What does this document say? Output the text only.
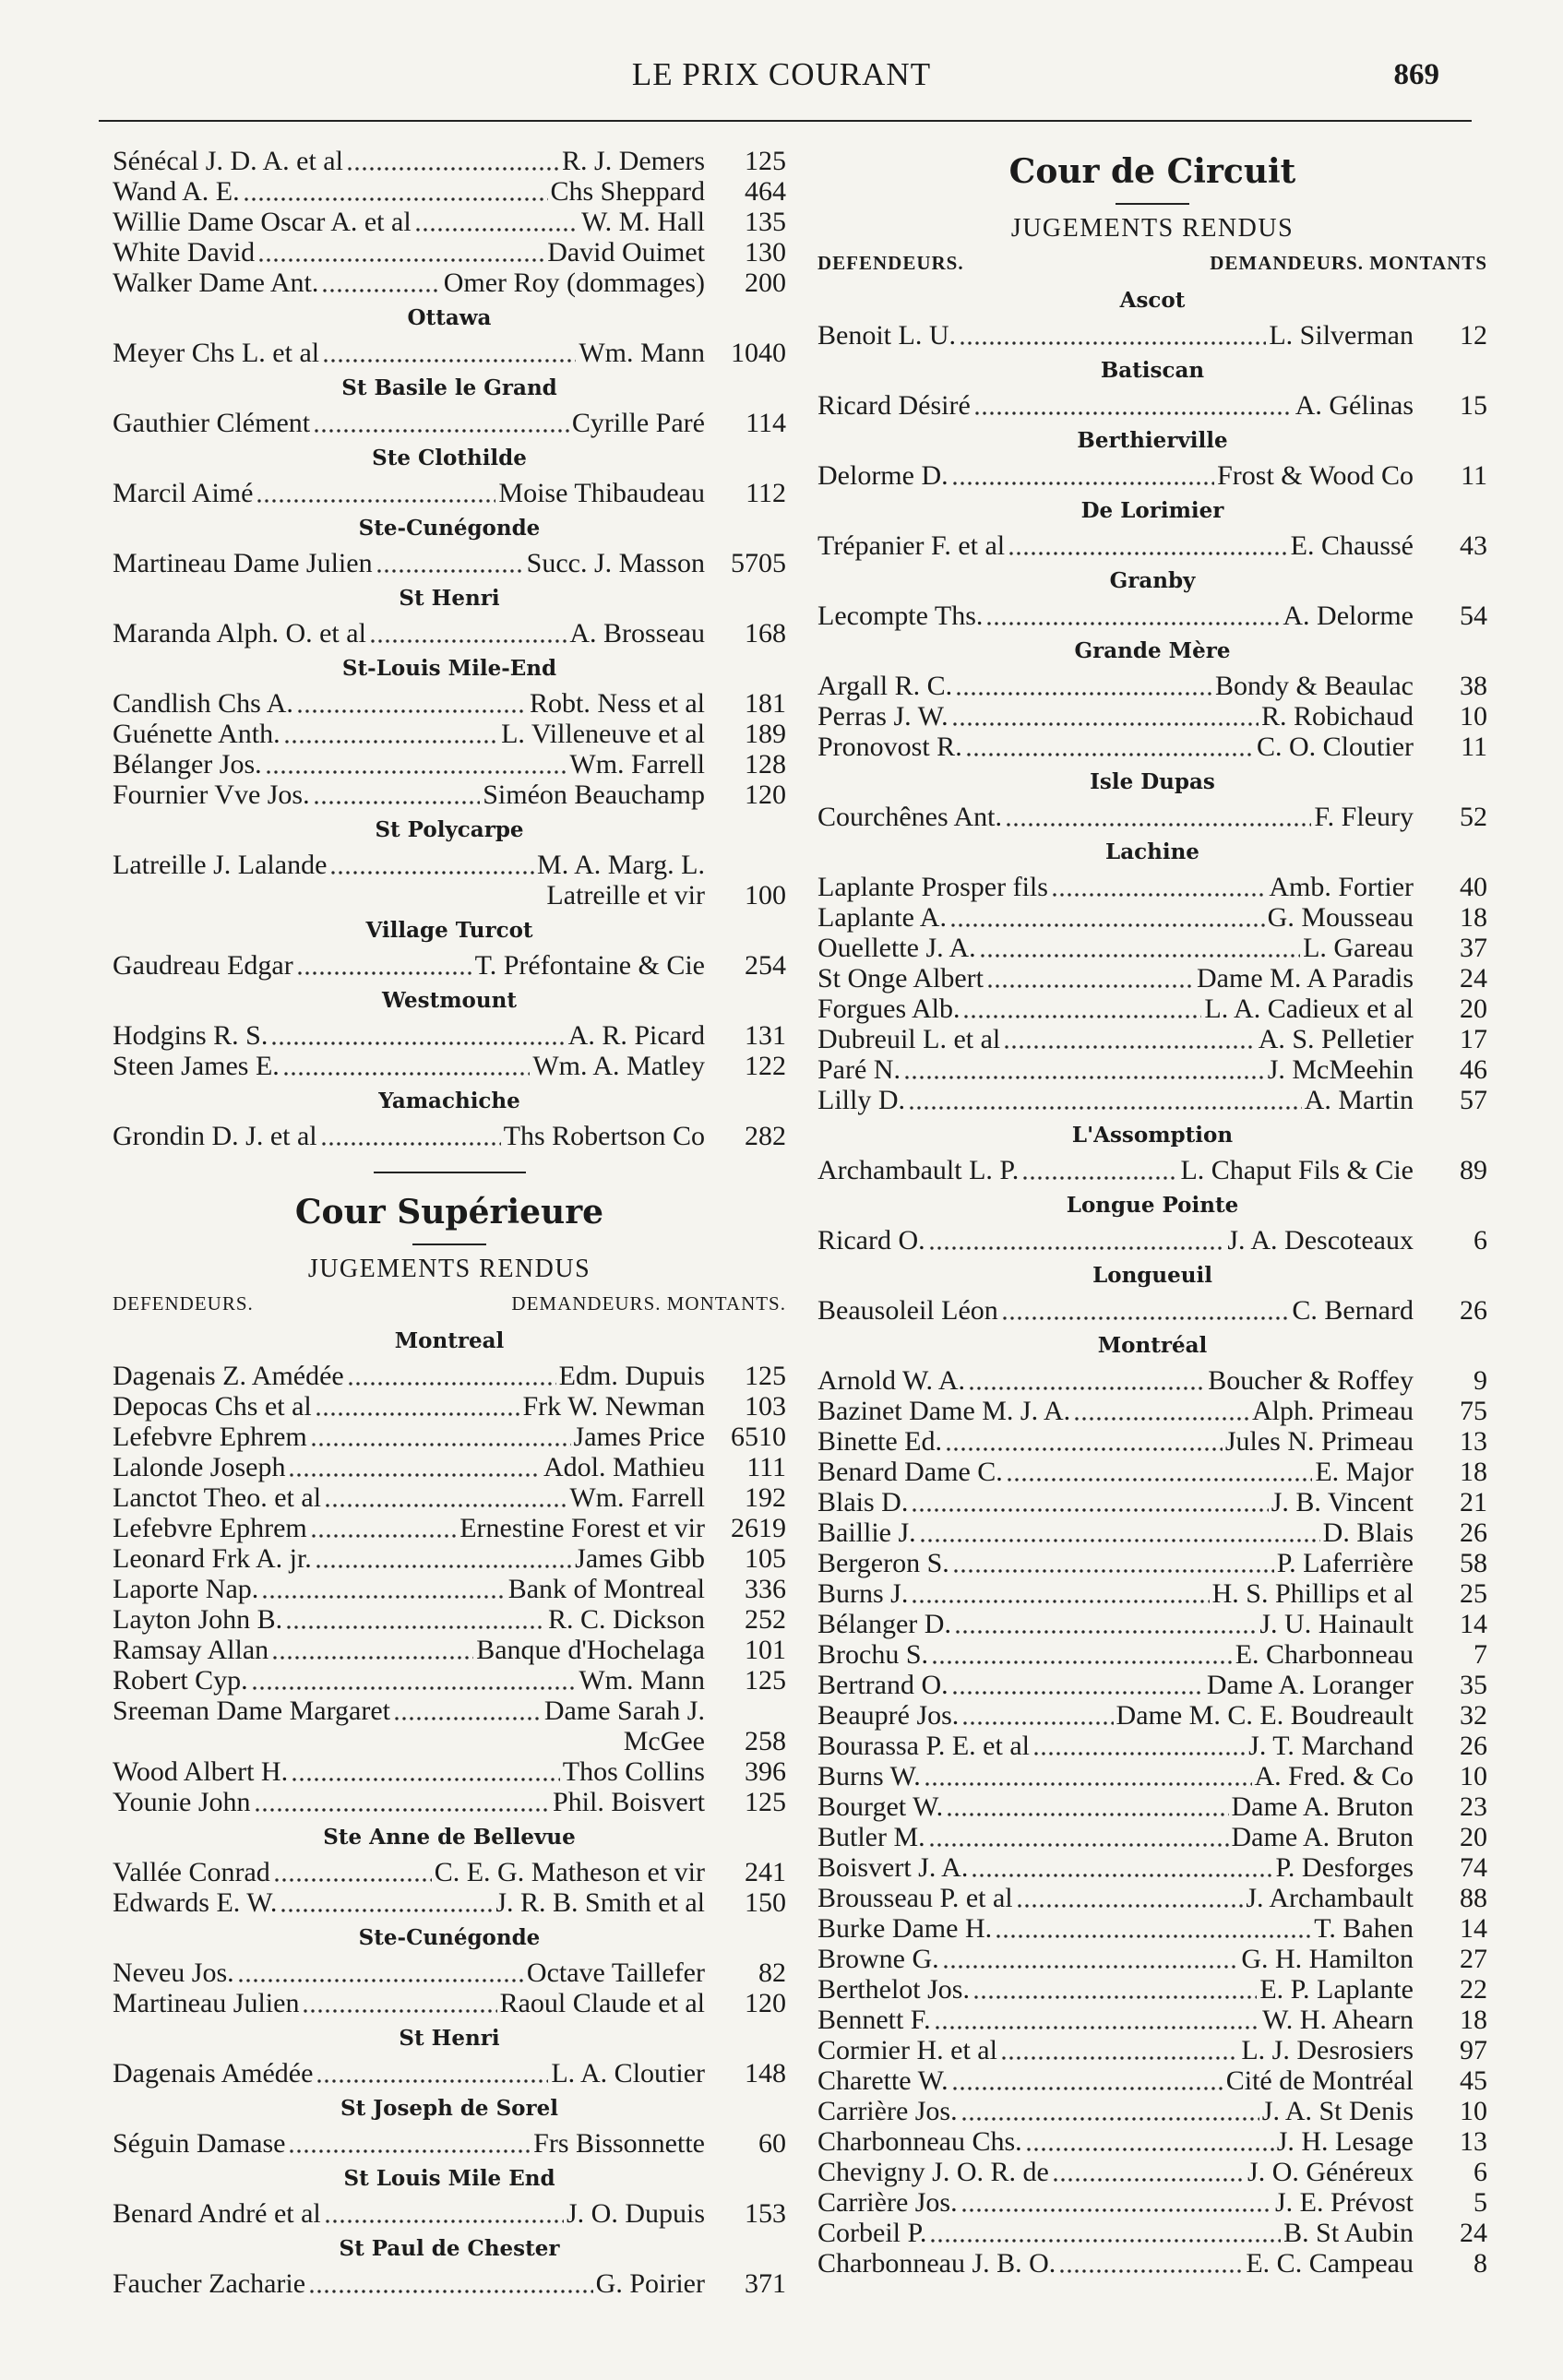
LE PRIX COURANT	869
Sénécal J. D. A. et al	R. J. Demers	125
Wand A. E.	Chs Sheppard	464
Willie Dame Oscar A. et al	W. M. Hall	135
White David	David Ouimet	130
Walker Dame Ant.	Omer Roy (dommages)	200
Ottawa
Meyer Chs L. et al	Wm. Mann 1040
St Basile le Grand
Gauthier Clément	Cyrille Paré	114
Ste Clothilde
Marcil Aimé	Moise Thibaudeau	112
Ste-Cunégonde
Martineau Dame Julien	Succ. J. Masson 5705
St Henri
Maranda Alph. O. et al	A. Brosseau	168
St-Louis Mile-End
Candlish Chs A.	Robt. Ness et al	181
Guénette Anth.	L. Villeneuve et al	189
Bélanger Jos.	Wm. Farrell	128
Fournier Vve Jos.	Siméon Beauchamp	120
St Polycarpe
Latreille J. Lalande	M. A. Marg. L.
Latreille et vir	100
Village Turcot
Gaudreau Edgar	T. Préfontaine & Cie	254
Westmount
Hodgins R. S.	A. R. Picard	131
Steen James E.	Wm. A. Matley	122
Yamachiche
Grondin D. J. et al	Ths Robertson Co	282
Cour Supérieure
JUGEMENTS RENDUS
DEFENDEURS.	DEMANDEURS. MONTANTS.
Montreal
Dagenais Z. Amédée	Edm. Dupuis	125
Depocas Chs et al	Frk W. Newman	103
Lefebvre Ephrem	James Price 6510
Lalonde Joseph	Adol. Mathieu	111
Lanctot Theo. et al	Wm. Farrell	192
Lefebvre Ephrem	Ernestine Forest et vir 2619
Leonard Frk A. jr.	James Gibb	105
Laporte Nap.	Bank of Montreal	336
Layton John B.	R. C. Dickson	252
Ramsay Allan	Banque d'Hochelaga	101
Robert Cyp.	Wm. Mann	125
Sreeman Dame Margaret	Dame Sarah J.
McGee	258
Wood Albert H.	Thos Collins	396
Younie John	Phil. Boisvert	125
Ste Anne de Bellevue
Vallée Conrad	C. E. G. Matheson et vir	241
Edwards E. W.	J. R. B. Smith et al	150
Ste-Cunégonde
Neveu Jos.	Octave Taillefer	82
Martineau Julien	Raoul Claude et al	120
St Henri
Dagenais Amédée	L. A. Cloutier	148
St Joseph de Sorel
Séguin Damase	Frs Bissonnette	60
St Louis Mile End
Benard André et al	J. O. Dupuis	153
St Paul de Chester
Faucher Zacharie	G. Poirier	371
Cour de Circuit
JUGEMENTS RENDUS
DEFENDEURS.	DEMANDEURS. MONTANTS
Ascot
Benoit L. U.	L. Silverman	12
Batiscan
Ricard Désiré	A. Gélinas	15
Berthierville
Delorme D.	Frost & Wood Co	11
De Lorimier
Trépanier F. et al	E. Chaussé	43
Granby
Lecompte Ths.	A. Delorme	54
Grande Mère
Argall R. C.	Bondy & Beaulac	38
Perras J. W.	R. Robichaud	10
Pronovost R.	C. O. Cloutier	11
Isle Dupas
Courchênes Ant.	F. Fleury	52
Lachine
Laplante Prosper fils	Amb. Fortier	40
Laplante A.	G. Mousseau	18
Ouellette J. A.	L. Gareau	37
St Onge Albert	Dame M. A Paradis	24
Forgues Alb.	L. A. Cadieux et al	20
Dubreuil L. et al	A. S. Pelletier	17
Paré N.	J. McMeehin	46
Lilly D.	A. Martin	57
L'Assomption
Archambault L. P.	L. Chaput Fils & Cie	89
Longue Pointe
Ricard O.	J. A. Descoteaux	6
Longueuil
Beausoleil Léon	C. Bernard	26
Montréal
Arnold W. A.	Boucher & Roffey	9
Bazinet Dame M. J. A.	Alph. Primeau	75
Binette Ed.	Jules N. Primeau	13
Benard Dame C.	E. Major	18
Blais D.	J. B. Vincent	21
Baillie J.	D. Blais	26
Bergeron S.	P. Laferrière	58
Burns J.	H. S. Phillips et al	25
Bélanger D.	J. U. Hainault	14
Brochu S.	E. Charbonneau	7
Bertrand O.	Dame A. Loranger	35
Beaupré Jos.	Dame M. C. E. Boudreault	32
Bourassa P. E. et al	J. T. Marchand	26
Burns W.	A. Fred. & Co	10
Bourget W.	Dame A. Bruton	23
Butler M.	Dame A. Bruton	20
Boisvert J. A.	P. Desforges	74
Brousseau P. et al	J. Archambault	88
Burke Dame H.	T. Bahen	14
Browne G.	G. H. Hamilton	27
Berthelot Jos.	E. P. Laplante	22
Bennett F.	W. H. Ahearn	18
Cormier H. et al	L. J. Desrosiers	97
Charette W.	Cité de Montréal	45
Carrière Jos.	J. A. St Denis	10
Charbonneau Chs.	J. H. Lesage	13
Chevigny J. O. R. de	J. O. Généreux	6
Carrière Jos.	J. E. Prévost	5
Corbeil P.	B. St Aubin	24
Charbonneau J. B. O.	E. C. Campeau	8
